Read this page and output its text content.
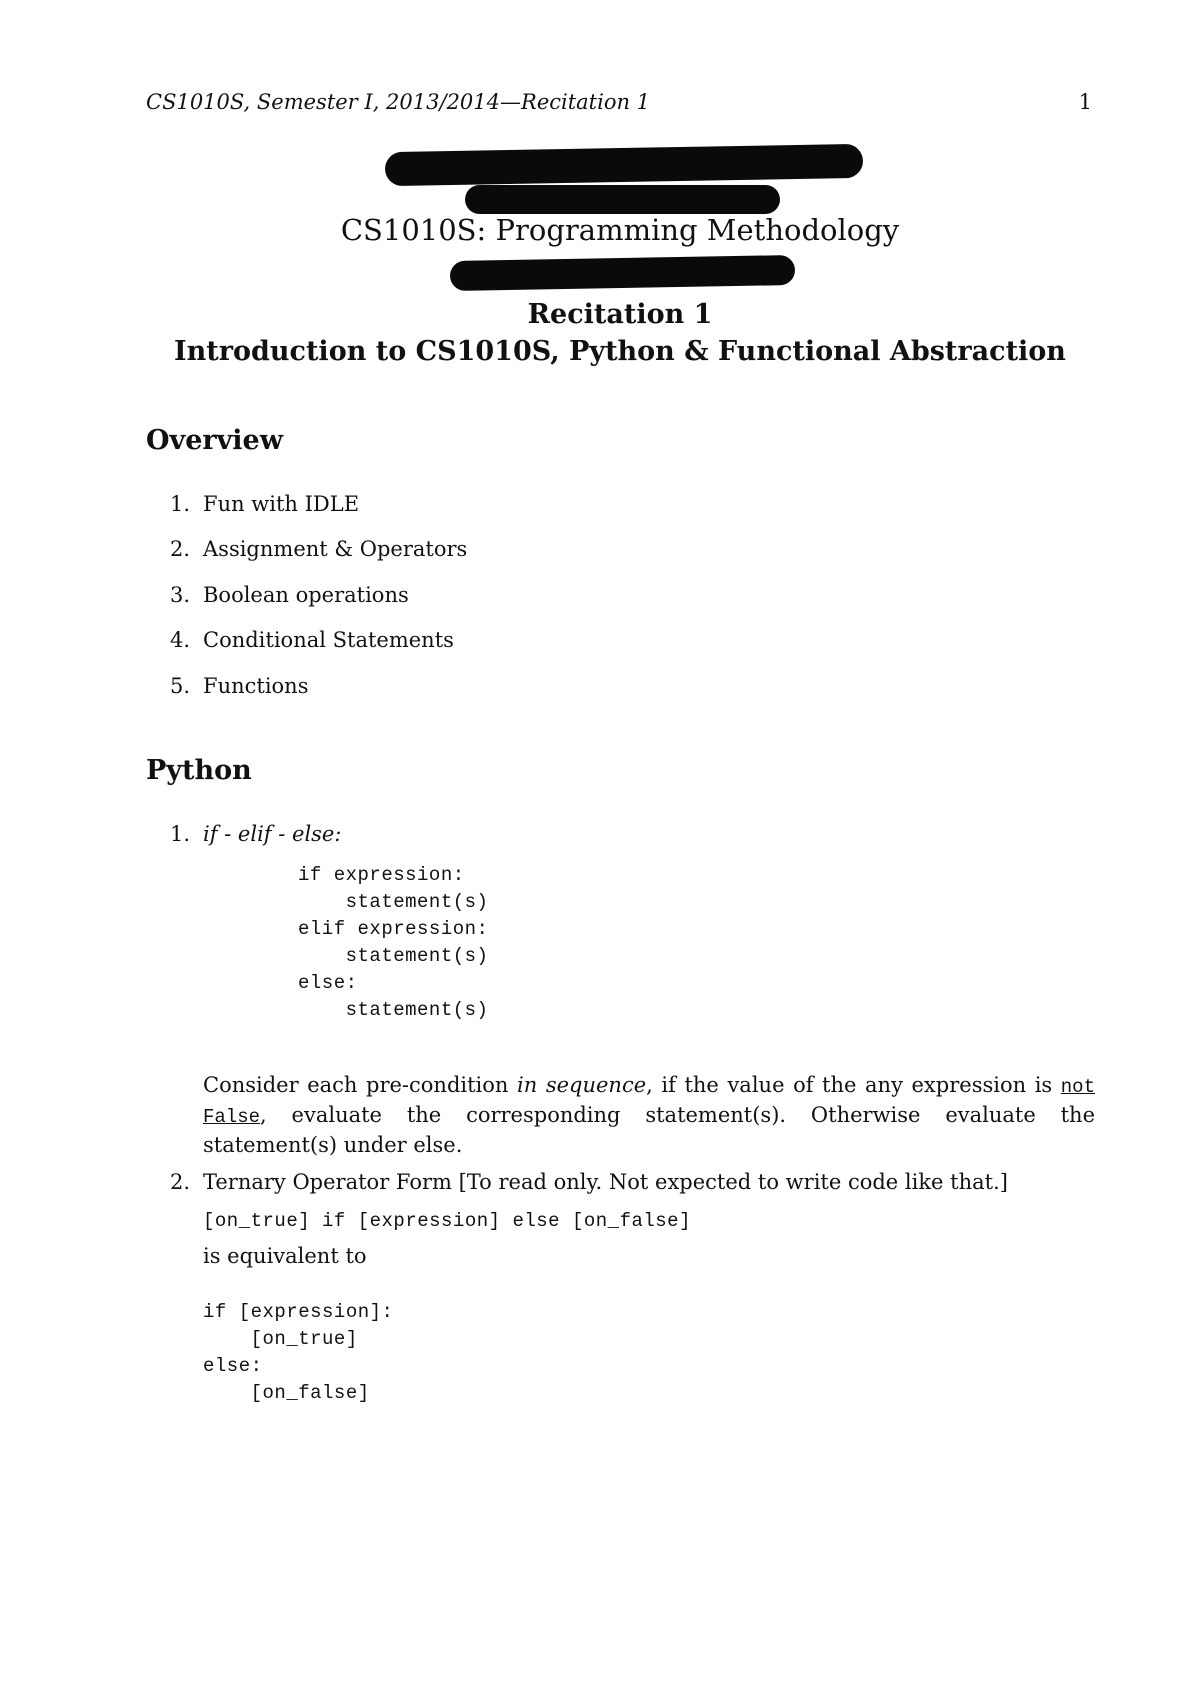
CS1010S, Semester I, 2013/2014—Recitation 1	1
CS1010S: Programming Methodology
Recitation 1
Introduction to CS1010S, Python & Functional Abstraction
Overview
1. Fun with IDLE
2. Assignment & Operators
3. Boolean operations
4. Conditional Statements
5. Functions
Python
1. if - elif - else:
if expression:
statement(s)
elif expression:
statement(s)
else:
statement(s)
Consider each pre-condition in sequence, if the value of the any expression is not False, evaluate the corresponding statement(s). Otherwise evaluate the statement(s) under else.
2. Ternary Operator Form [To read only. Not expected to write code like that.]
[on_true] if [expression] else [on_false]
is equivalent to
if [expression]:
[on_true]
else:
[on_false]
